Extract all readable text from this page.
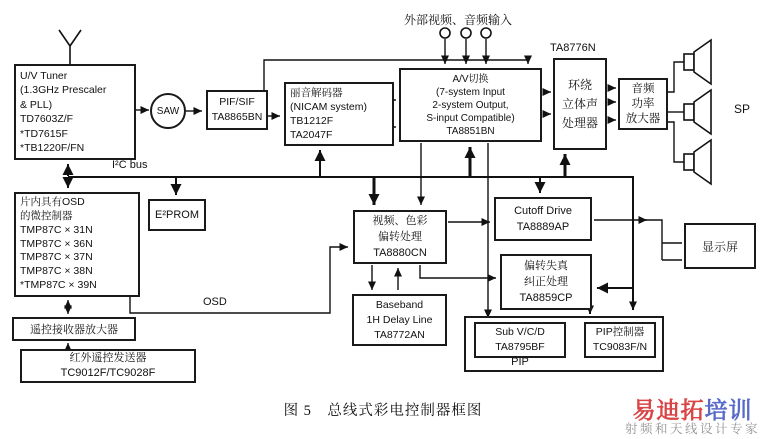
U/V Tuner
(1.3GHz Prescaler
& PLL)
TD7603Z/F
*TD7615F
*TB1220F/FN
SAW
PIF/SIF
TA8865BN
丽音解码器
(NICAM system)
TB1212F
TA2047F
A/V切换
(7-system Input
2-system Output,
S-input Compatible)
TA8851BN
环绕
立体声
处理器
音频
功率
放大器
片内具有OSD
的微控制器
TMP87C × 31N
TMP87C × 36N
TMP87C × 37N
TMP87C × 38N
*TMP87C × 39N
E²PROM
遥控接收器放大器
红外遥控发送器
TC9012F/TC9028F
视频、色彩
偏转处理
TA8880CN
Baseband
1H Delay Line
TA8772AN
Cutoff Drive
TA8889AP
偏转失真
纠正处理
TA8859CP
显示屏
Sub V/C/D
TA8795BF
PIP控制器
TC9083F/N
外部视频、音频输入
TA8776N
I²C bus
OSD
SP
PIP
图 5　总线式彩电控制器框图	易迪拓培训
射频和天线设计专家
